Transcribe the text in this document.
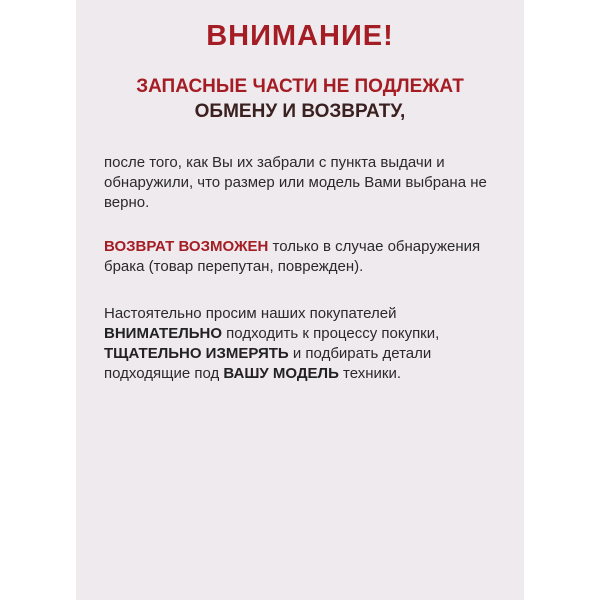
ВНИМАНИЕ!

ЗАПАСНЫЕ ЧАСТИ НЕ ПОДЛЕЖАТ
ОБМЕНУ И ВОЗВРАТУ,

после того, как Вы их забрали с пункта выдачи и обнаружили, что размер или модель Вами выбрана не верно.

ВОЗВРАТ ВОЗМОЖЕН только в случае обнаружения брака (товар перепутан, поврежден).

Настоятельно просим наших покупателей ВНИМАТЕЛЬНО подходить к процессу покупки, ТЩАТЕЛЬНО ИЗМЕРЯТЬ и подбирать детали подходящие под ВАШУ МОДЕЛЬ техники.
